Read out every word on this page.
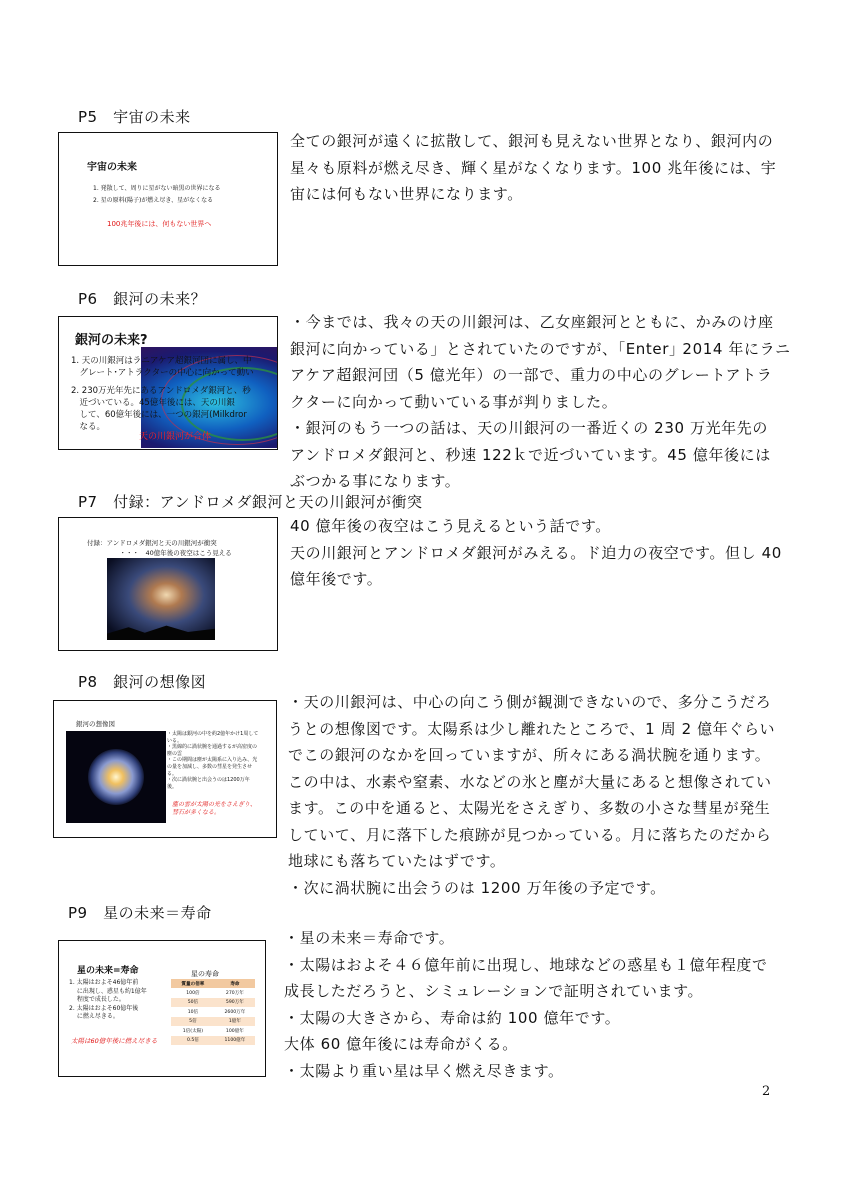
P5　宇宙の未来
宇宙の未来
1. 発散して、周りに星がない暗黒の世界になる
2. 星の原料(陽子)が燃え尽き、星がなくなる
100兆年後には、何もない世界へ

全ての銀河が遠くに拡散して、銀河も見えない世界となり、銀河内の

星々も原料が燃え尽き、輝く星がなくなります。100 兆年後には、宇

宙には何もない世界になります。

P6　銀河の未来？
銀河の未来?
1. 天の川銀河はラニアケア超銀河団に属し、中
　グレート･アトラクターの中心に向かって動い
2. 230万光年先にあるアンドロメダ銀河と、秒
　近づいている。45億年後には、天の川銀
　して、60億年後には、一つの銀河(Milkdror
　なる。
天の川銀河が合体

・今までは、我々の天の川銀河は、乙女座銀河とともに、かみのけ座

銀河に向かっている」とされていたのですが、｢Enter｣ 2014 年にラニ

アケア超銀河団（5 億光年）の一部で、重力の中心のグレートアトラ

クターに向かって動いている事が判りました。

・銀河のもう一つの話は、天の川銀河の一番近くの 230 万光年先の

アンドロメダ銀河と、秒速 122ｋで近づいています。45 億年後には

ぶつかる事になります。

P7　付録：アンドロメダ銀河と天の川銀河が衝突
付録：アンドロメダ銀河と天の川銀河が衝突
　　　　　・・・　40億年後の夜空はこう見える

40 億年後の夜空はこう見えるという話です。

天の川銀河とアンドロメダ銀河がみえる。ド迫力の夜空です。但し 40

億年後です。

P8　銀河の想像図
銀河の想像図
・太陽は銀河の中を約2億年かけ1周している。
・黒線的に渦状腕を通過するが高密度の塵の雲
・この期間は塵が太陽系に入り込み、光の量を加減し、多数の彗星を発生させる。
・次に渦状腕と出会うのは1200万年後。
塵の雲が太陽の光をさえぎり、
彗石が多くなる。

・天の川銀河は、中心の向こう側が観測できないので、多分こうだろ

うとの想像図です。太陽系は少し離れたところで、1 周 2 億年ぐらい

でこの銀河のなかを回っていますが、所々にある渦状腕を通ります。

この中は、水素や窒素、水などの氷と塵が大量にあると想像されてい

ます。この中を通ると、太陽光をさえぎり、多数の小さな彗星が発生

していて、月に落下した痕跡が見つかっている。月に落ちたのだから

地球にも落ちていたはずです。

・次に渦状腕に出会うのは 1200 万年後の予定です。

P9　星の未来＝寿命
星の未来=寿命
1. 太陽はおよそ46億年前
　 に出現し、惑星も約1億年
　 程度で成長した。
2. 太陽はおよそ60億年後
　 に燃え尽きる。
太陽は60億年後に燃え尽きる
星の寿命
質量の倍率	寿命
100倍	270万年
50倍	590万年
10倍	2600万年
5倍	1億年
1倍(太陽)	100億年
0.5倍	1100億年

・星の未来＝寿命です。

・太陽はおよそ４６億年前に出現し、地球などの惑星も１億年程度で

成長しただろうと、シミュレーションで証明されています。

・太陽の大きさから、寿命は約 100 億年です。

大体 60 億年後には寿命がくる。

・太陽より重い星は早く燃え尽きます。

2
